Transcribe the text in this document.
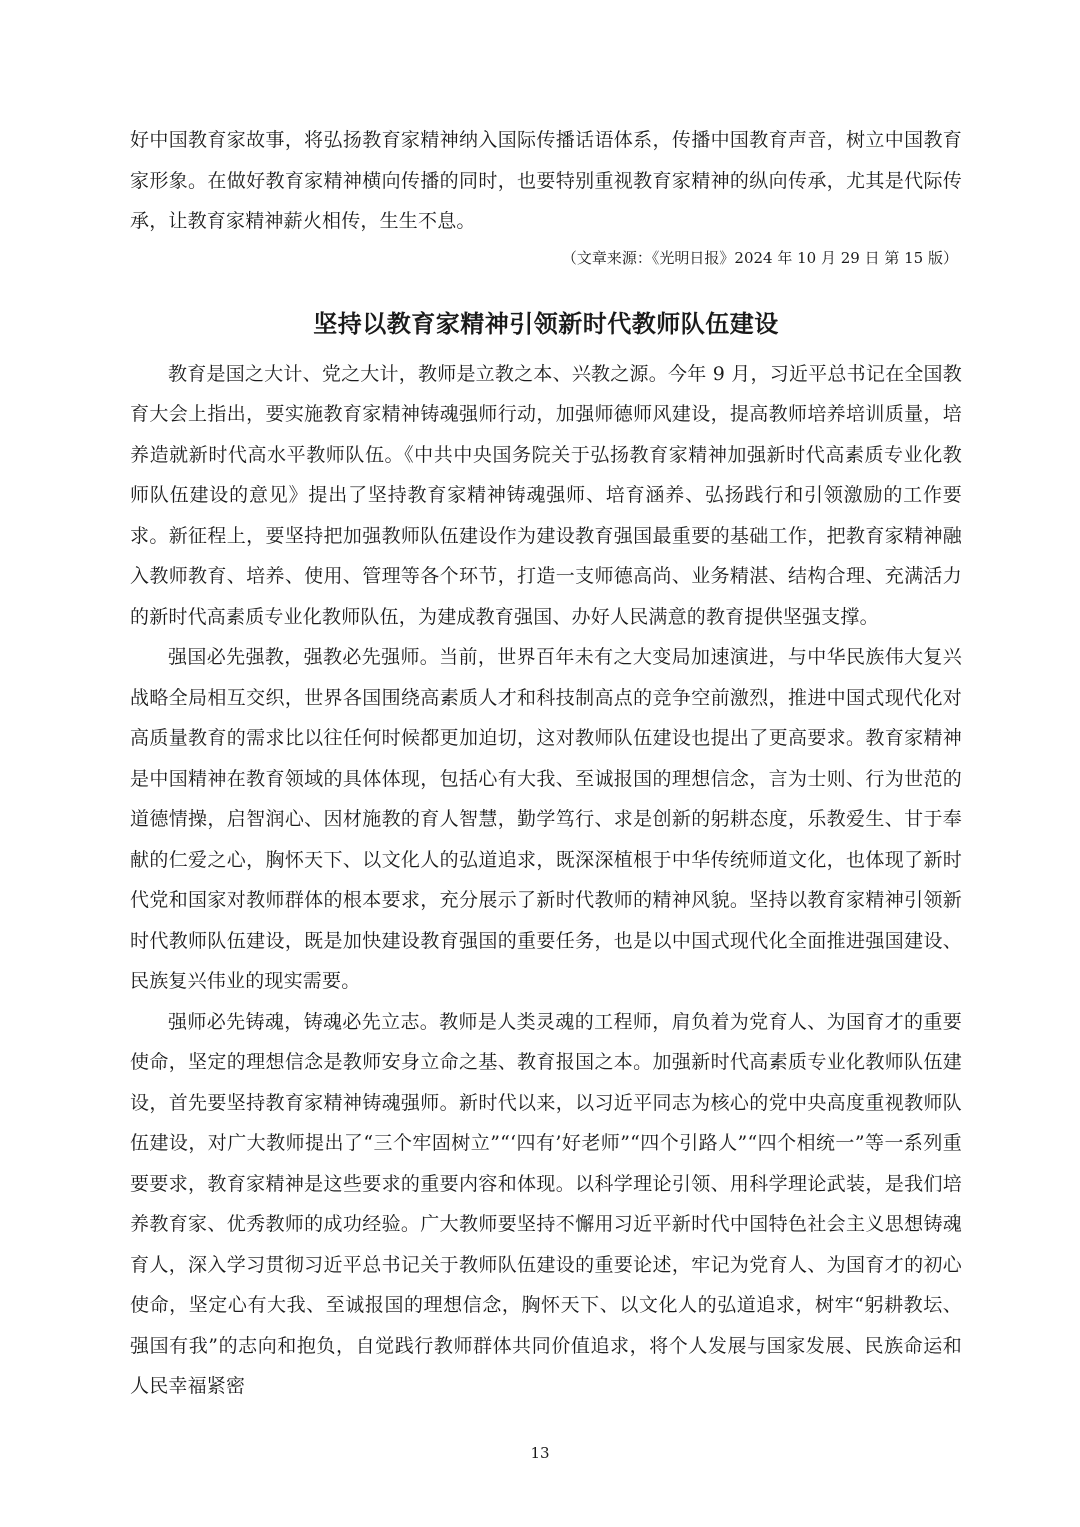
好中国教育家故事，将弘扬教育家精神纳入国际传播话语体系，传播中国教育声音，树立中国教育家形象。在做好教育家精神横向传播的同时，也要特别重视教育家精神的纵向传承，尤其是代际传承，让教育家精神薪火相传，生生不息。

（文章来源：《光明日报》2024 年 10 月 29 日 第 15 版）

坚持以教育家精神引领新时代教师队伍建设

教育是国之大计、党之大计，教师是立教之本、兴教之源。今年 9 月，习近平总书记在全国教育大会上指出，要实施教育家精神铸魂强师行动，加强师德师风建设，提高教师培养培训质量，培养造就新时代高水平教师队伍。《中共中央国务院关于弘扬教育家精神加强新时代高素质专业化教师队伍建设的意见》提出了坚持教育家精神铸魂强师、培育涵养、弘扬践行和引领激励的工作要求。新征程上，要坚持把加强教师队伍建设作为建设教育强国最重要的基础工作，把教育家精神融入教师教育、培养、使用、管理等各个环节，打造一支师德高尚、业务精湛、结构合理、充满活力的新时代高素质专业化教师队伍，为建成教育强国、办好人民满意的教育提供坚强支撑。

强国必先强教，强教必先强师。当前，世界百年未有之大变局加速演进，与中华民族伟大复兴战略全局相互交织，世界各国围绕高素质人才和科技制高点的竞争空前激烈，推进中国式现代化对高质量教育的需求比以往任何时候都更加迫切，这对教师队伍建设也提出了更高要求。教育家精神是中国精神在教育领域的具体体现，包括心有大我、至诚报国的理想信念，言为士则、行为世范的道德情操，启智润心、因材施教的育人智慧，勤学笃行、求是创新的躬耕态度，乐教爱生、甘于奉献的仁爱之心，胸怀天下、以文化人的弘道追求，既深深植根于中华传统师道文化，也体现了新时代党和国家对教师群体的根本要求，充分展示了新时代教师的精神风貌。坚持以教育家精神引领新时代教师队伍建设，既是加快建设教育强国的重要任务，也是以中国式现代化全面推进强国建设、民族复兴伟业的现实需要。

强师必先铸魂，铸魂必先立志。教师是人类灵魂的工程师，肩负着为党育人、为国育才的重要使命，坚定的理想信念是教师安身立命之基、教育报国之本。加强新时代高素质专业化教师队伍建设，首先要坚持教育家精神铸魂强师。新时代以来，以习近平同志为核心的党中央高度重视教师队伍建设，对广大教师提出了“三个牢固树立”“‘四有’好老师”“四个引路人”“四个相统一”等一系列重要要求，教育家精神是这些要求的重要内容和体现。以科学理论引领、用科学理论武装，是我们培养教育家、优秀教师的成功经验。广大教师要坚持不懈用习近平新时代中国特色社会主义思想铸魂育人，深入学习贯彻习近平总书记关于教师队伍建设的重要论述，牢记为党育人、为国育才的初心使命，坚定心有大我、至诚报国的理想信念，胸怀天下、以文化人的弘道追求，树牢“躬耕教坛、强国有我”的志向和抱负，自觉践行教师群体共同价值追求，将个人发展与国家发展、民族命运和人民幸福紧密

13
